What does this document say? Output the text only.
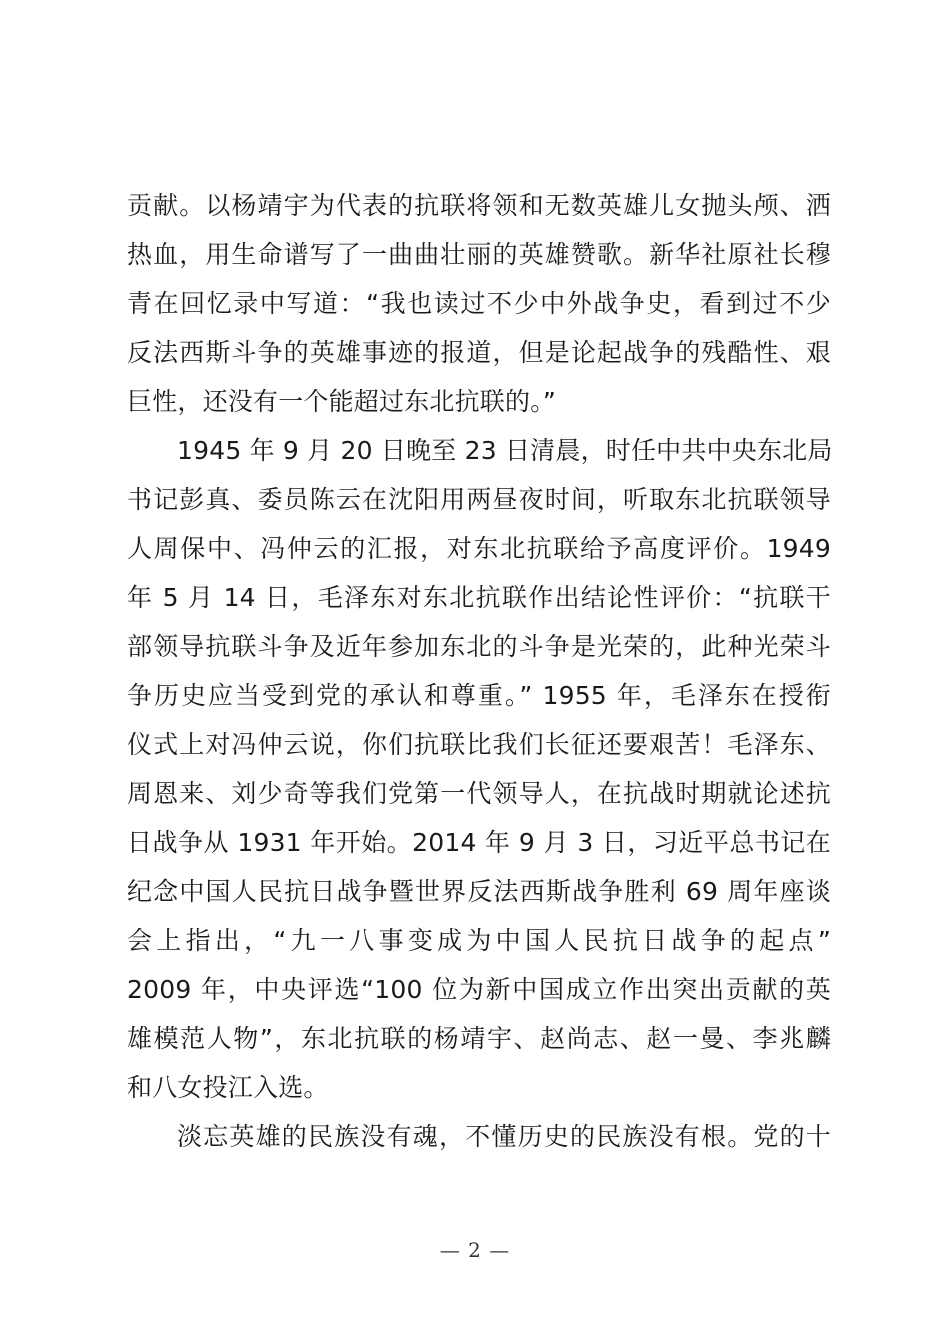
贡献。以杨靖宇为代表的抗联将领和无数英雄儿女抛头颅、洒
热血，用生命谱写了一曲曲壮丽的英雄赞歌。新华社原社长穆
青在回忆录中写道：“我也读过不少中外战争史，看到过不少
反法西斯斗争的英雄事迹的报道，但是论起战争的残酷性、艰
巨性，还没有一个能超过东北抗联的。”
1945 年 9 月 20 日晚至 23 日清晨，时任中共中央东北局
书记彭真、委员陈云在沈阳用两昼夜时间，听取东北抗联领导
人周保中、冯仲云的汇报，对东北抗联给予高度评价。1949
年 5 月 14 日，毛泽东对东北抗联作出结论性评价：“抗联干
部领导抗联斗争及近年参加东北的斗争是光荣的，此种光荣斗
争历史应当受到党的承认和尊重。” 1955 年，毛泽东在授衔
仪式上对冯仲云说，你们抗联比我们长征还要艰苦！毛泽东、
周恩来、刘少奇等我们党第一代领导人，在抗战时期就论述抗
日战争从 1931 年开始。2014 年 9 月 3 日，习近平总书记在
纪念中国人民抗日战争暨世界反法西斯战争胜利 69 周年座谈
会上指出，“九一八事变成为中国人民抗日战争的起点”
2009 年，中央评选“100 位为新中国成立作出突出贡献的英
雄模范人物”，东北抗联的杨靖宇、赵尚志、赵一曼、李兆麟
和八女投江入选。
淡忘英雄的民族没有魂，不懂历史的民族没有根。党的十
— 2 —
